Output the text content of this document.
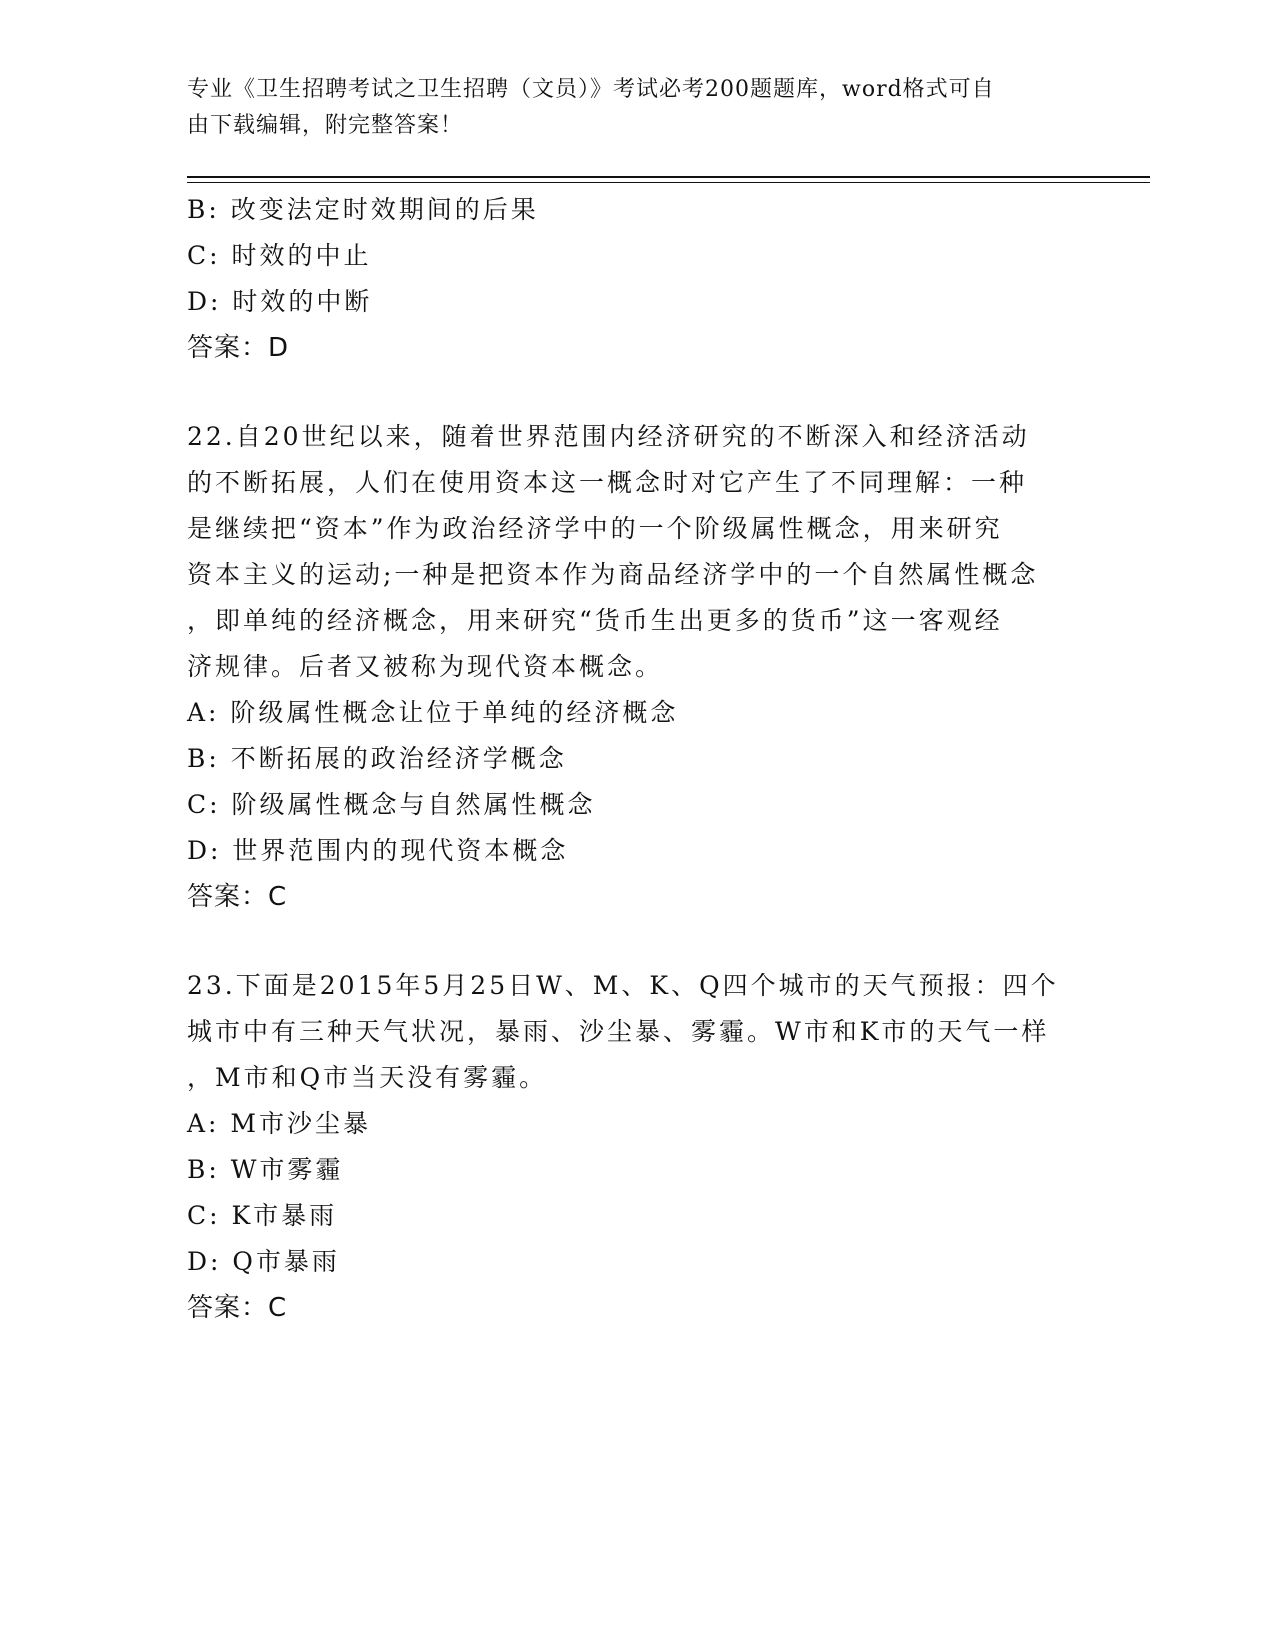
专业《卫生招聘考试之卫生招聘（文员）》考试必考200题题库，word格式可自
由下载编辑，附完整答案！
B: 改变法定时效期间的后果
C: 时效的中止
D: 时效的中断
答案：D
22.自20世纪以来，随着世界范围内经济研究的不断深入和经济活动
的不断拓展，人们在使用资本这一概念时对它产生了不同理解：一种
是继续把“资本”作为政治经济学中的一个阶级属性概念，用来研究
资本主义的运动;一种是把资本作为商品经济学中的一个自然属性概念
，即单纯的经济概念，用来研究“货币生出更多的货币”这一客观经
济规律。后者又被称为现代资本概念。
A: 阶级属性概念让位于单纯的经济概念
B: 不断拓展的政治经济学概念
C: 阶级属性概念与自然属性概念
D: 世界范围内的现代资本概念
答案：C
23.下面是2015年5月25日W、M、K、Q四个城市的天气预报：四个
城市中有三种天气状况，暴雨、沙尘暴、雾霾。W市和K市的天气一样
，M市和Q市当天没有雾霾。
A: M市沙尘暴
B: W市雾霾
C: K市暴雨
D: Q市暴雨
答案：C
